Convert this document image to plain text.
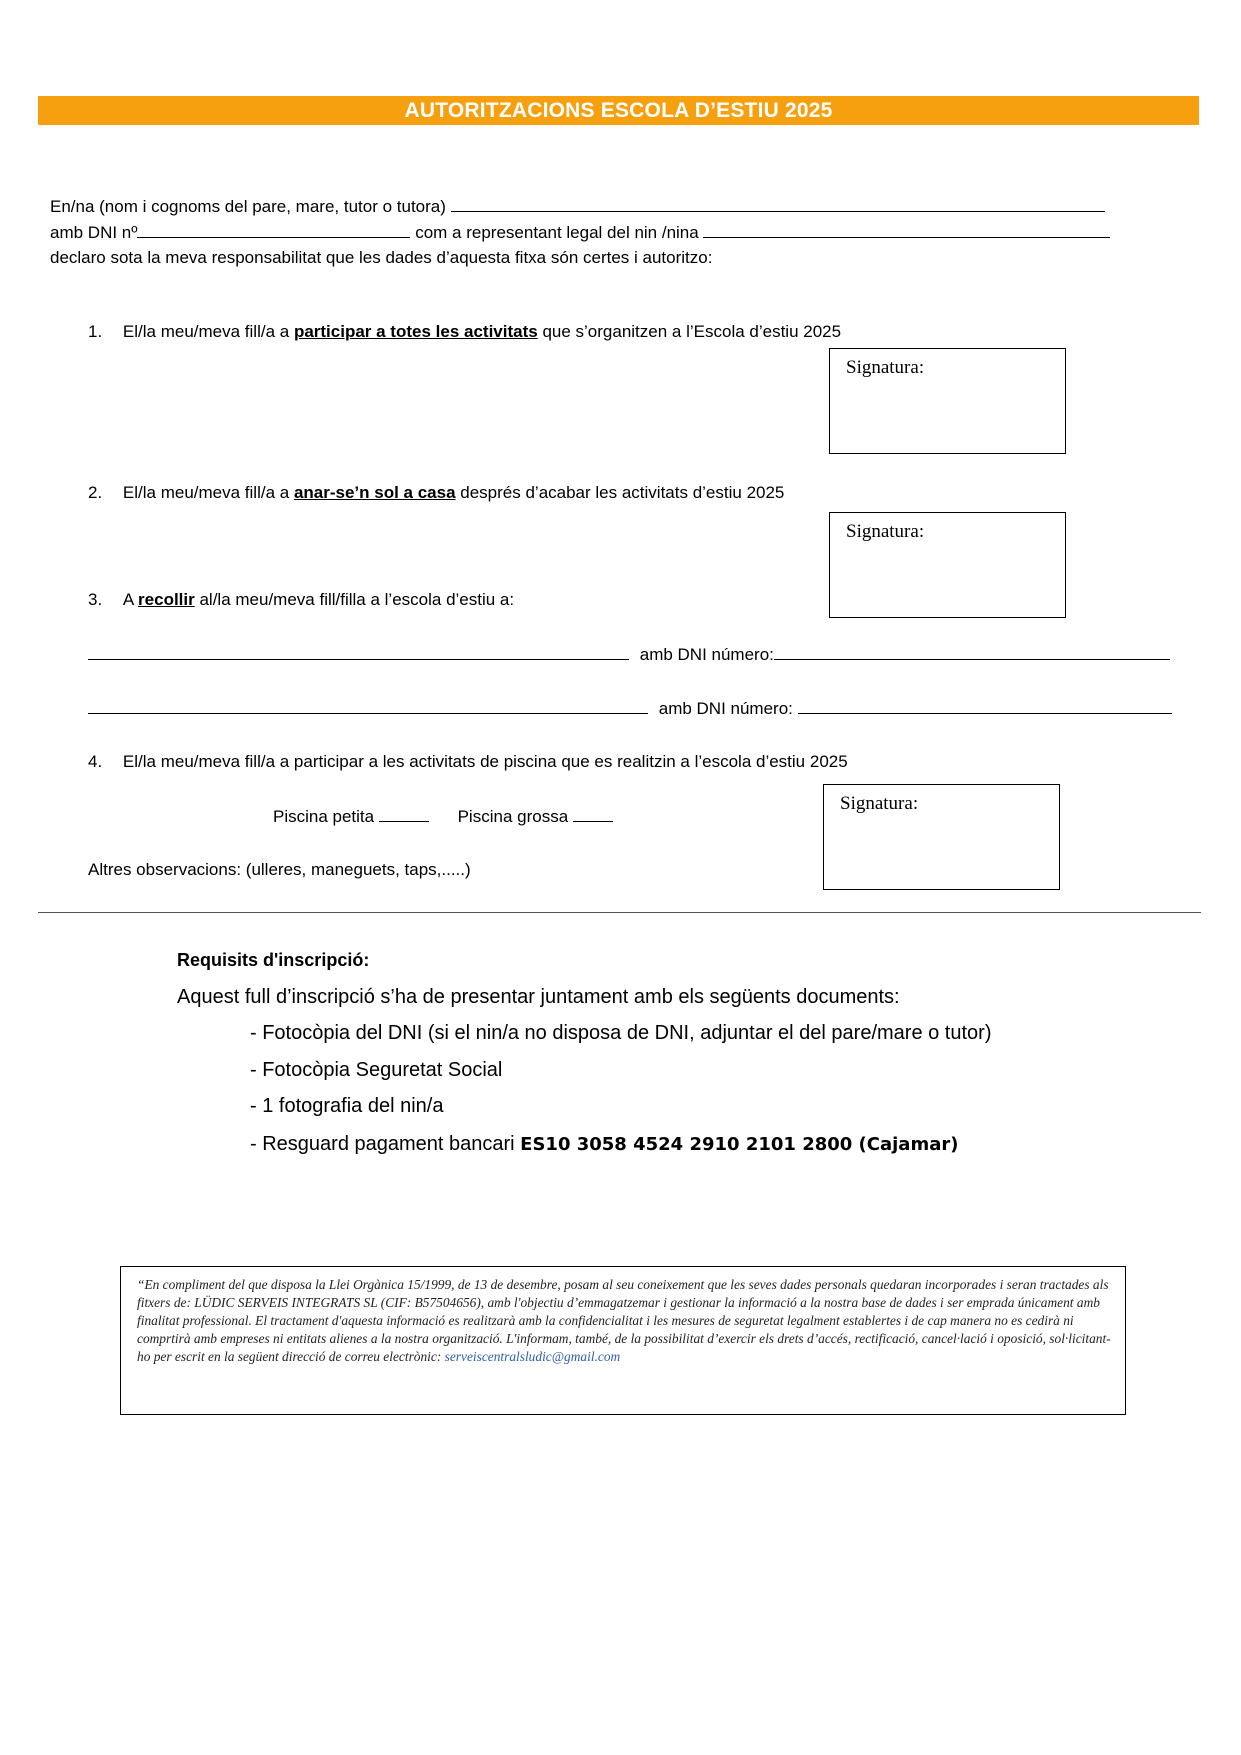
AUTORITZACIONS ESCOLA D’ESTIU 2025
En/na (nom i cognoms del pare, mare, tutor o tutora)
amb DNI nº	com a representant legal del nin /nina
declaro sota la meva responsabilitat que les dades d’aquesta fitxa són certes i autoritzo:
1. El/la meu/meva fill/a a participar a totes les activitats que s’organitzen a l’Escola d’estiu 2025
Signatura:
2. El/la meu/meva fill/a a anar-se’n sol a casa després d’acabar les activitats d’estiu 2025
Signatura:
3. A recollir al/la meu/meva fill/filla a l’escola d’estiu a:
amb DNI número:
amb DNI número:
4. El/la meu/meva fill/a a participar a les activitats de piscina que es realitzin a l’escola d’estiu 2025
Piscina petita	Piscina grossa
Signatura:
Altres observacions: (ulleres, maneguets, taps,.....)
Requisits d'inscripció:
Aquest full d’inscripció s’ha de presentar juntament amb els següents documents:
- Fotocòpia del DNI (si el nin/a no disposa de DNI, adjuntar el del pare/mare o tutor)
- Fotocòpia Seguretat Social
- 1 fotografia del nin/a
- Resguard pagament bancari ES10 3058 4524 2910 2101 2800 (Cajamar)
“En compliment del que disposa la Llei Orgànica 15/1999, de 13 de desembre, posam al seu coneixement que les seves dades personals quedaran incorporades i seran tractades als fitxers de: LÜDIC SERVEIS INTEGRATS SL (CIF: B57504656), amb l'objectiu d’emmagatzemar i gestionar la informació a la nostra base de dades i ser emprada únicament amb finalitat professional. El tractament d'aquesta informació es realitzarà amb la confidencialitat i les mesures de seguretat legalment establertes i de cap manera no es cedirà ni comprtirà amb empreses ni entitats alienes a la nostra organització. L'informam, també, de la possibilitat d’exercir els drets d’accés, rectificació, cancel·lació i oposició, sol·licitant-ho per escrit en la següent direcció de correu electrònic: serveiscentralsludic@gmail.com
